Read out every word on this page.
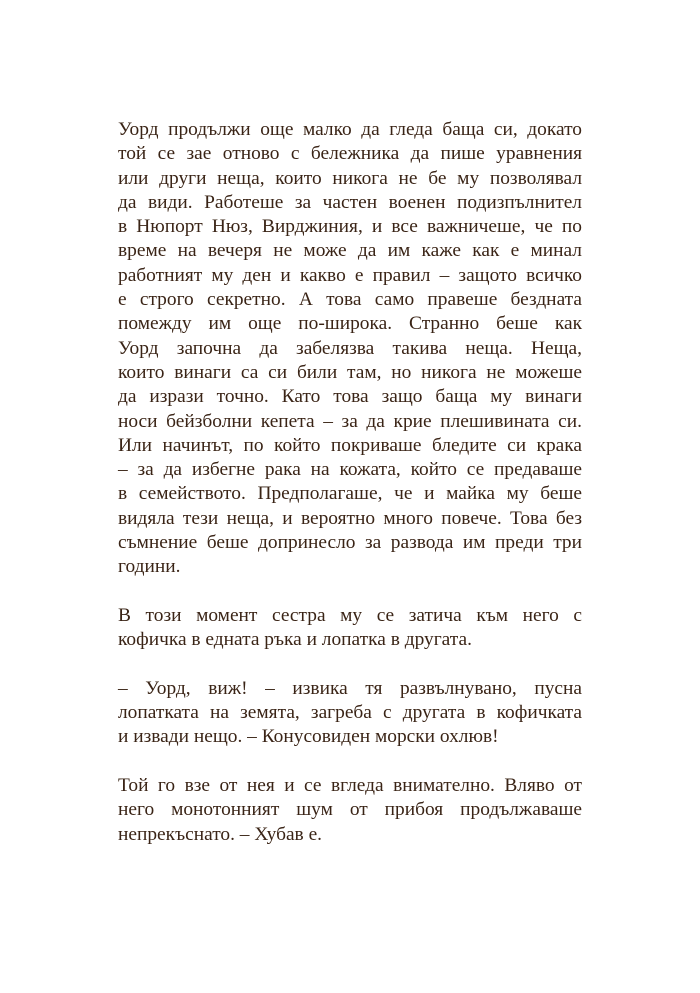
Уорд продължи още малко да гледа баща си, докато
той се зае отново с бележника да пише уравнения
или други неща, които никога не бе му позволявал
да види. Работеше за частен военен подизпълнител
в Нюпорт Нюз, Вирджиния, и все важничеше, че по
време на вечеря не може да им каже как е минал
работният му ден и какво е правил – защото всичко
е строго секретно. А това само правеше бездната
помежду им още по-широка. Странно беше как
Уорд започна да забелязва такива неща. Неща,
които винаги са си били там, но никога не можеше
да изрази точно. Като това защо баща му винаги
носи бейзболни кепета – за да крие плешивината си.
Или начинът, по който покриваше бледите си крака
– за да избегне рака на кожата, който се предаваше
в семейството. Предполагаше, че и майка му беше
видяла тези неща, и вероятно много повече. Това без
съмнение беше допринесло за развода им преди три
години.
В този момент сестра му се затича към него с
кофичка в едната ръка и лопатка в другата.
– Уорд, виж! – извика тя развълнувано, пусна
лопатката на земята, загреба с другата в кофичката
и извади нещо. – Конусовиден морски охлюв!
Той го взе от нея и се вгледа внимателно. Вляво от
него монотонният шум от прибоя продължаваше
непрекъснато. – Хубав е.
